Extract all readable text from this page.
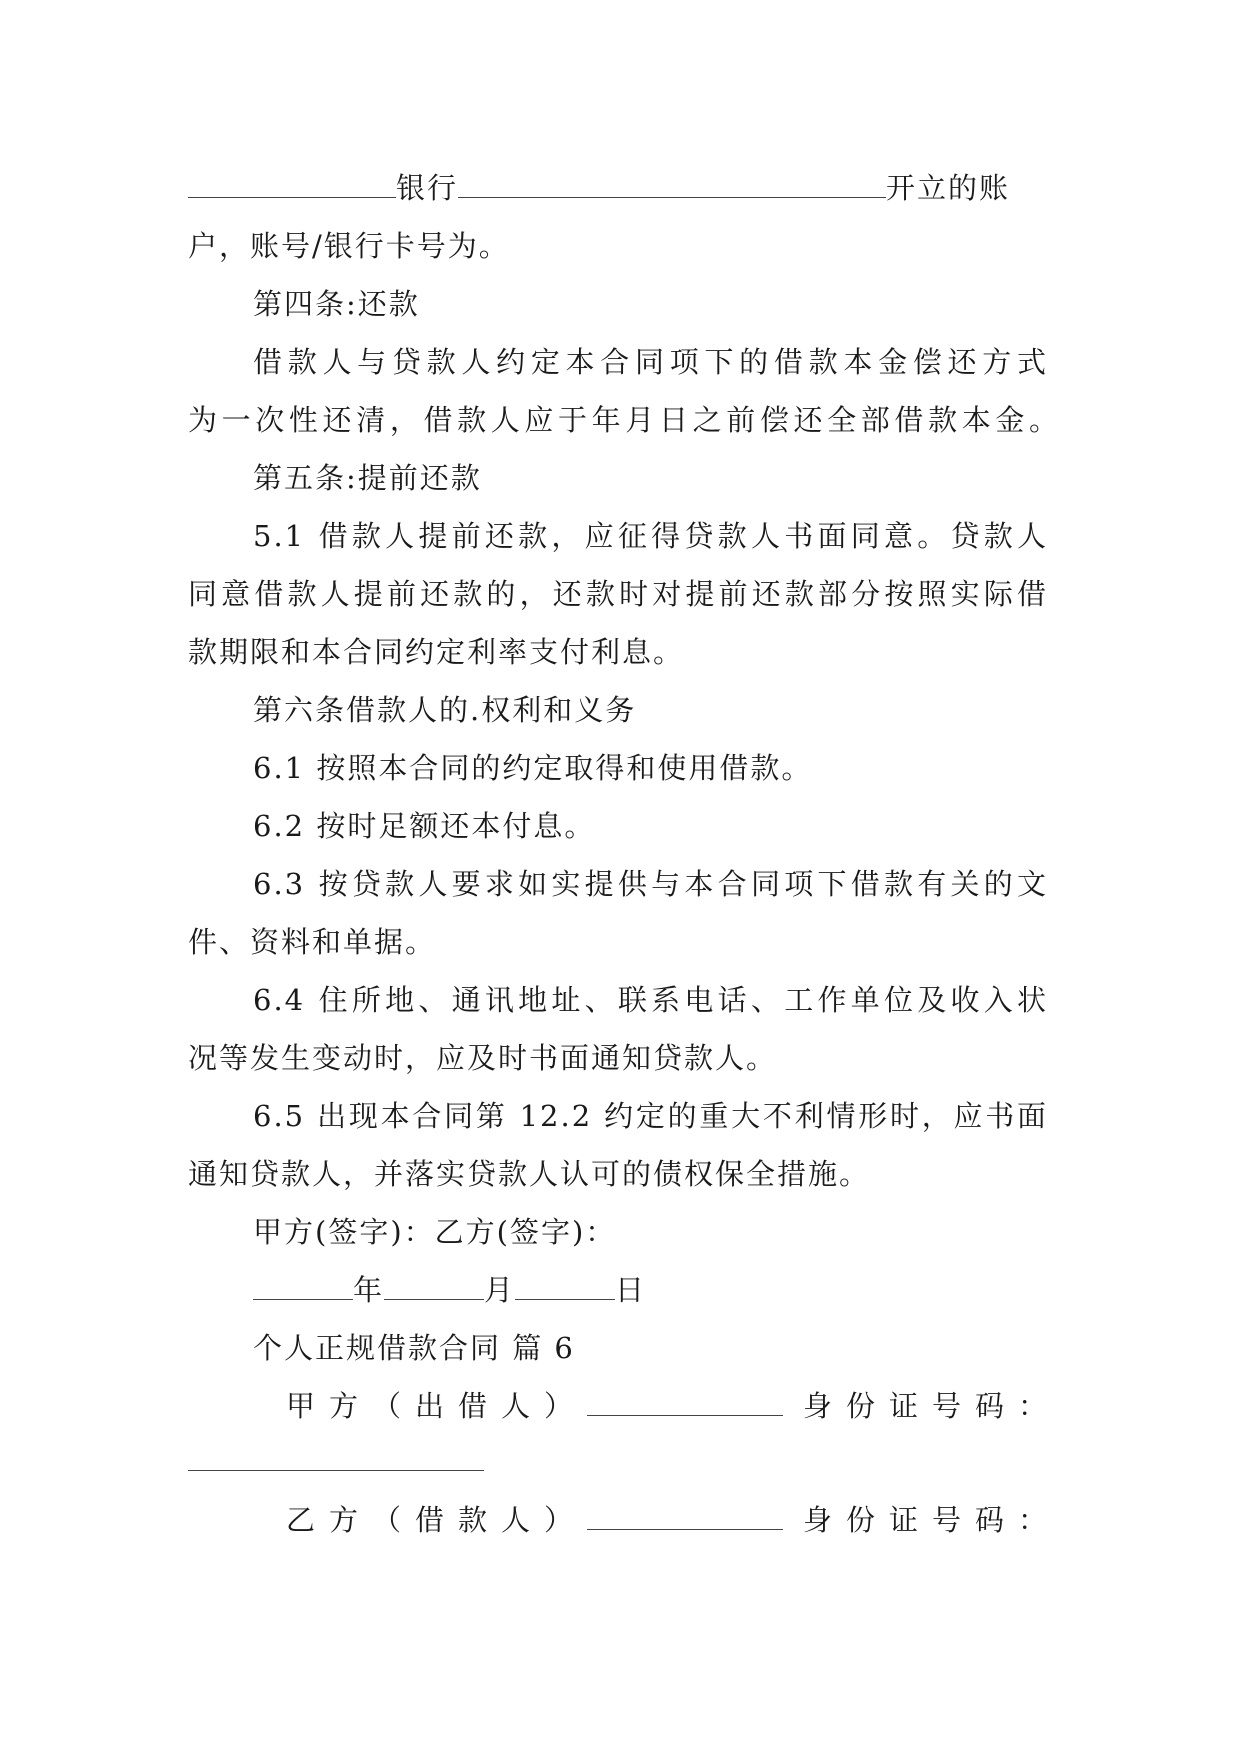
银行	开立的账
户，账号/银行卡号为。
第四条:还款
借款人与贷款人约定本合同项下的借款本金偿还方式
为一次性还清，借款人应于年月日之前偿还全部借款本金。
第五条:提前还款
5.1 借款人提前还款，应征得贷款人书面同意。贷款人
同意借款人提前还款的，还款时对提前还款部分按照实际借
款期限和本合同约定利率支付利息。
第六条借款人的.权利和义务
6.1 按照本合同的约定取得和使用借款。
6.2 按时足额还本付息。
6.3 按贷款人要求如实提供与本合同项下借款有关的文
件、资料和单据。
6.4 住所地、通讯地址、联系电话、工作单位及收入状
况等发生变动时，应及时书面通知贷款人。
6.5 出现本合同第 12.2 约定的重大不利情形时，应书面
通知贷款人，并落实贷款人认可的债权保全措施。
甲方(签字)：乙方(签字)：
年	月	日
个人正规借款合同 篇 6
甲方（出借人）	身份证号码：
乙方（借款人）	身份证号码：
